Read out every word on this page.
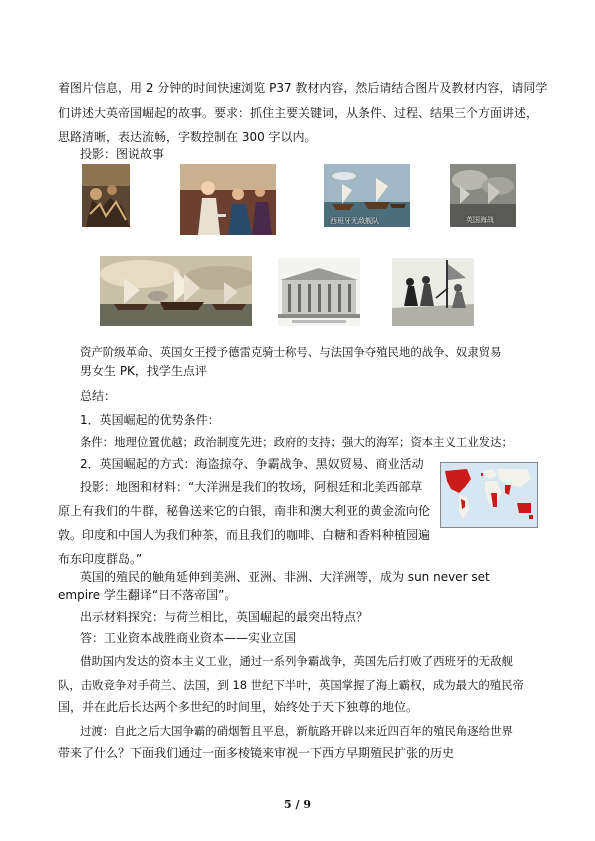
着图片信息，用 2 分钟的时间快速浏览 P37 教材内容，然后请结合图片及教材内容，请同学
们讲述大英帝国崛起的故事。要求：抓住主要关键词，从条件、过程、结果三个方面讲述，
思路清晰，表达流畅，字数控制在 300 字以内。
投影：图说故事
西班牙无敌舰队	英国海战
资产阶级革命、英国女王授予德雷克骑士称号、与法国争夺殖民地的战争、奴隶贸易
男女生 PK，找学生点评
总结：
1．英国崛起的优势条件：
条件：地理位置优越；政治制度先进；政府的支持；强大的海军；资本主义工业发达；
2．英国崛起的方式：海盗掠夺、争霸战争、黑奴贸易、商业活动
投影：地图和材料：“大洋洲是我们的牧场，阿根廷和北美西部草
原上有我们的牛群，秘鲁送来它的白银，南非和澳大利亚的黄金流向伦
敦。印度和中国人为我们种茶，而且我们的咖啡、白糖和香料种植园遍
布东印度群岛。”
英国的殖民的触角延伸到美洲、亚洲、非洲、大洋洲等，成为 sun never set
empire 学生翻译“日不落帝国”。
出示材料探究：与荷兰相比，英国崛起的最突出特点？
答：工业资本战胜商业资本——实业立国
借助国内发达的资本主义工业，通过一系列争霸战争，英国先后打败了西班牙的无敌舰
队，击败竞争对手荷兰、法国，到 18 世纪下半叶，英国掌握了海上霸权，成为最大的殖民帝
国，并在此后长达两个多世纪的时间里，始终处于天下独尊的地位。
过渡：自此之后大国争霸的硝烟暂且平息，新航路开辟以来近四百年的殖民角逐给世界
带来了什么？下面我们通过一面多棱镜来审视一下西方早期殖民扩张的历史
5 / 9
